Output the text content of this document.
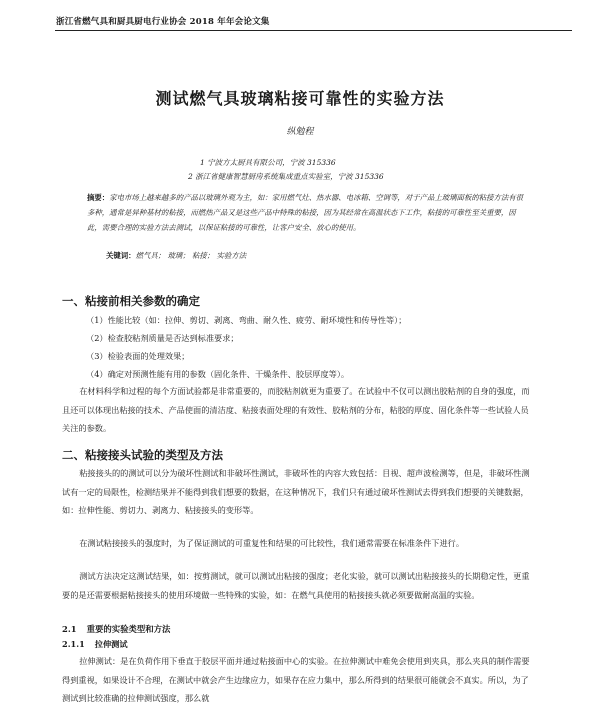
浙江省燃气具和厨具厨电行业协会 2018 年年会论文集
测试燃气具玻璃粘接可靠性的实验方法
纵勉程
1 宁波方太厨具有限公司，宁波 315336
2 浙江省健康智慧厨房系统集成重点实验室，宁波 315336
摘要：家电市场上越来越多的产品以玻璃外观为主，如：家用燃气灶、热水器、电冰箱、空调等，对于产品上玻璃面板的粘接方法有很多种，通常是异种基材的粘接，而燃热产品又是这些产品中特殊的粘接，因为其经常在高温状态下工作，粘接的可靠性至关重要，因此，需要合理的实验方法去测试，以保证粘接的可靠性，让客户安全、放心的使用。
关键词：燃气具； 玻璃； 粘接； 实验方法
一、粘接前相关参数的确定
（1）性能比较（如：拉伸、剪切、剥离、弯曲、耐久性、疲劳、耐环境性和传导性等）；
（2）检查胶粘剂质量是否达到标准要求；
（3）检验表面的处理效果；
（4）确定对预测性能有用的参数（固化条件、干燥条件、胶层厚度等）。
在材料科学和过程的每个方面试验都是非常重要的，而胶粘剂就更为重要了。在试验中不仅可以测出胶粘剂的自身的强度，而且还可以体现出粘接的技术、产品使面的清洁度、粘接表面处理的有效性、胶粘剂的分布，粘胶的厚度、固化条件等一些试验人员关注的参数。
二、粘接接头试验的类型及方法
粘接接头的的测试可以分为破坏性测试和非破坏性测试，非破坏性的内容大致包括：目视、超声波检测等，但是，非破坏性测试有一定的局限性，检测结果并不能得到我们想要的数据，在这种情况下，我们只有通过破坏性测试去得到我们想要的关键数据，如：拉伸性能、剪切力、剥离力、粘接接头的变形等。
在测试粘接接头的强度时，为了保证测试的可重复性和结果的可比较性，我们通常需要在标准条件下进行。
测试方法决定这测试结果，如：按剪测试，就可以测试出粘接的强度；老化实验，就可以测试出粘接接头的长期稳定性，更重要的是还需要根据粘接接头的使用环境做一些特殊的实验，如：在燃气具使用的粘接接头就必须要做耐高温的实验。
2.1 重要的实验类型和方法
2.1.1 拉伸测试
拉伸测试：是在负荷作用下垂直于胶层平面并通过粘接面中心的实验。在拉伸测试中难免会使用到夹具，那么夹具的制作需要得到重视，如果设计不合理，在测试中就会产生边缘应力，如果存在应力集中，那么所得到的结果很可能就会不真实。所以，为了测试到比较准确的拉伸测试强度，那么就
